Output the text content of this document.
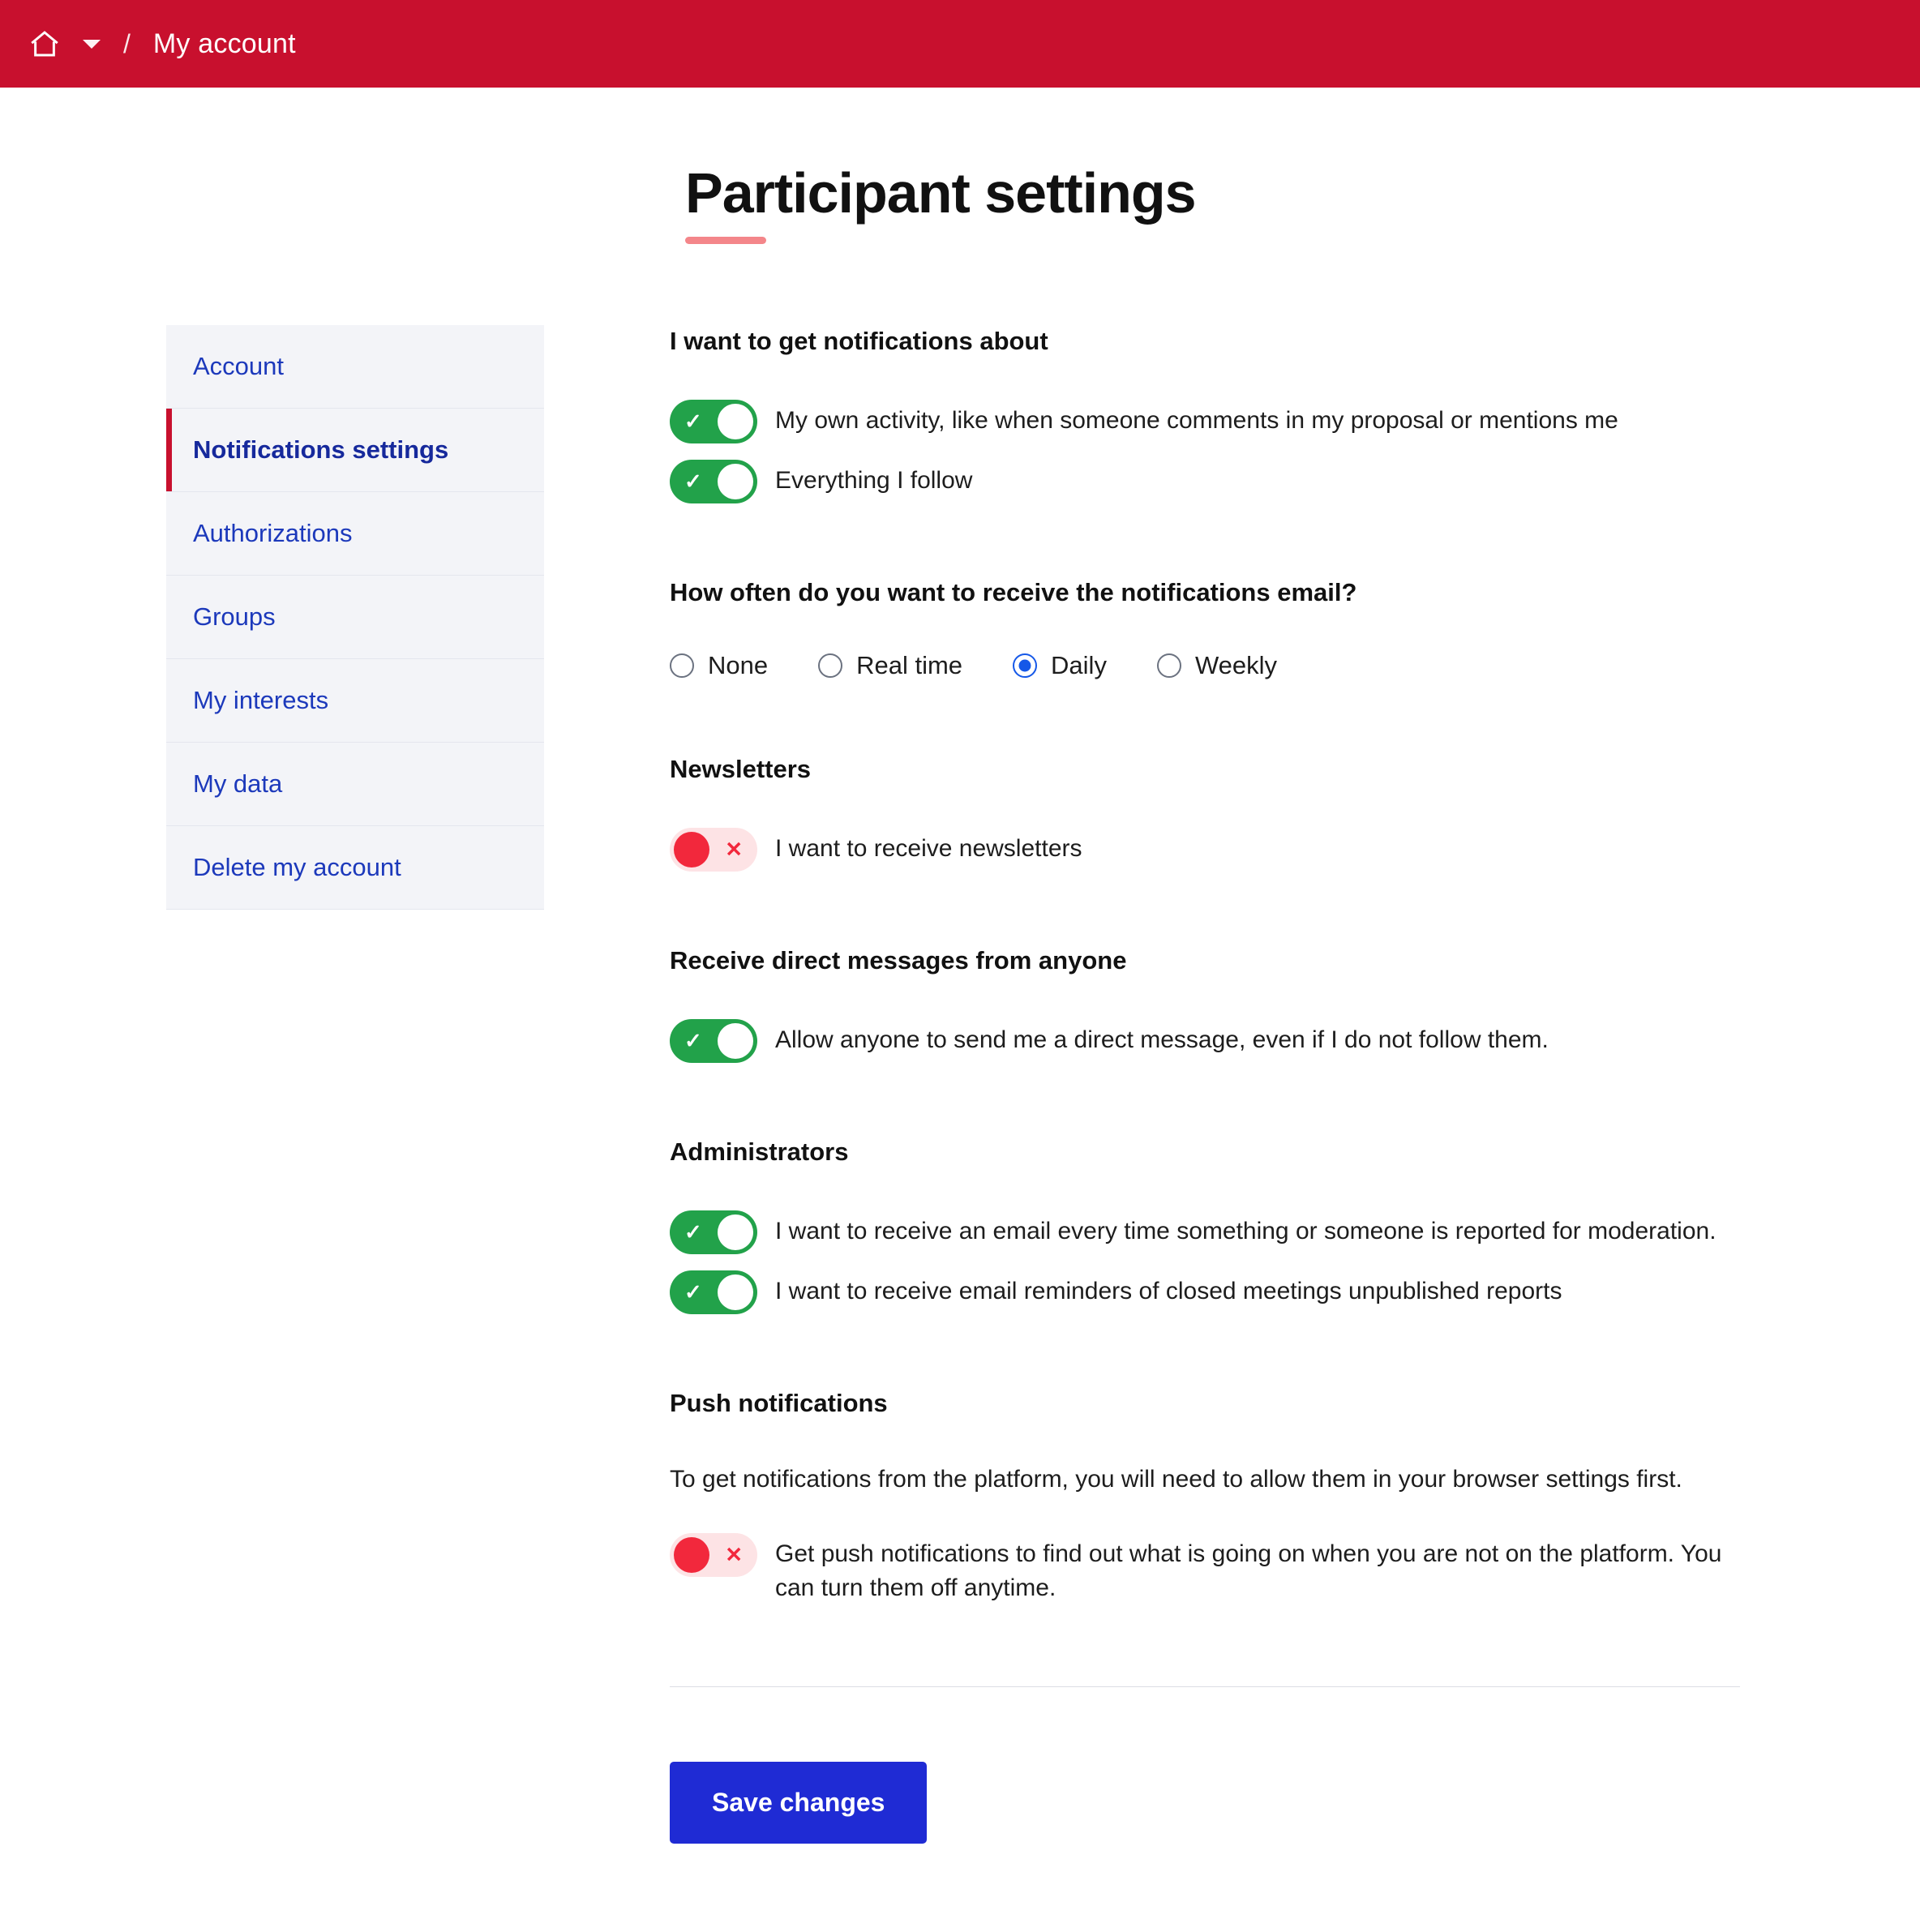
/ My account
Participant settings
Account
Notifications settings
Authorizations
Groups
My interests
My data
Delete my account
I want to get notifications about
✓	My own activity, like when someone comments in my proposal or mentions me
✓	Everything I follow
How often do you want to receive the notifications email?
None	Real time	Daily	Weekly
Newsletters
✕ I want to receive newsletters
Receive direct messages from anyone
✓	Allow anyone to send me a direct message, even if I do not follow them.
Administrators
✓	I want to receive an email every time something or someone is reported for moderation.
✓	I want to receive email reminders of closed meetings unpublished reports
Push notifications

To get notifications from the platform, you will need to allow them in your browser settings first.

✕ Get push notifications to find out what is going on when you are not on the platform. You can turn them off anytime.
Save changes
